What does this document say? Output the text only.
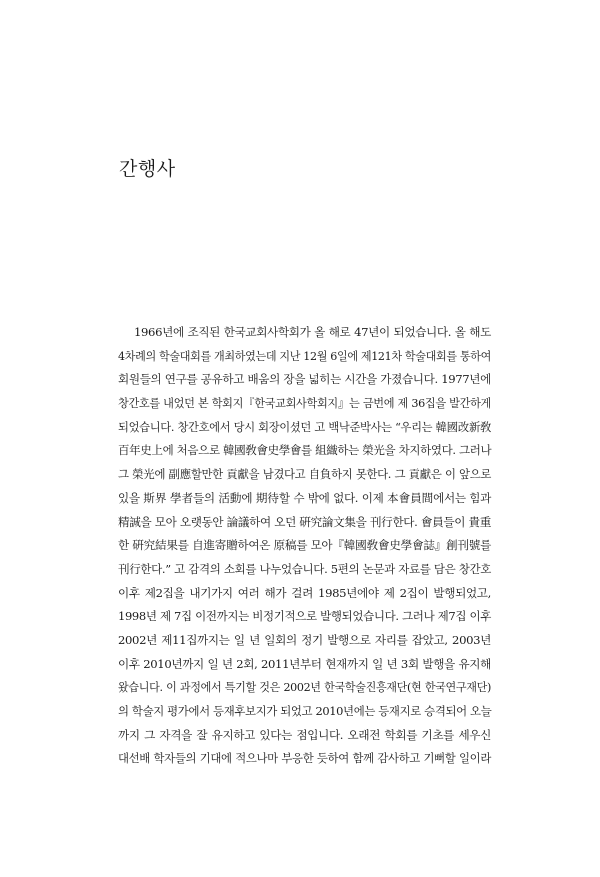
간행사
1966년에 조직된 한국교회사학회가 올 해로 47년이 되었습니다. 올 해도
4차례의 학술대회를 개최하였는데 지난 12월 6일에 제121차 학술대회를 통하여
회원들의 연구를 공유하고 배움의 장을 넓히는 시간을 가졌습니다. 1977년에
창간호를 내었던 본 학회지『한국교회사학회지』는 금번에 제 36집을 발간하게
되었습니다. 창간호에서 당시 회장이셨던 고 백낙준박사는 “우리는 韓國改新敎
百年史上에 처음으로 韓國敎會史學會를 組織하는 榮光을 차지하였다. 그러나
그 榮光에 副應할만한 貢獻을 남겼다고 自負하지 못한다. 그 貢獻은 이 앞으로
있을 斯界 學者들의 活動에 期待할 수 밖에 없다. 이제 本會員間에서는 힘과
精誠을 모아 오랫동안 論議하여 오던 硏究論文集을 刊行한다. 會員들이 貴重
한 硏究結果를 自進寄贈하여온 原稿를 모아『韓國敎會史學會誌』創刊號를
刊行한다.” 고 감격의 소회를 나누었습니다. 5편의 논문과 자료를 담은 창간호
이후 제2집을 내기가지 여러 해가 걸려 1985년에야 제 2집이 발행되었고,
1998년 제 7집 이전까지는 비정기적으로 발행되었습니다. 그러나 제7집 이후
2002년 제11집까지는 일 년 일회의 정기 발행으로 자리를 잡았고, 2003년
이후 2010년까지 일 년 2회, 2011년부터 현재까지 일 년 3회 발행을 유지해
왔습니다. 이 과정에서 특기할 것은 2002년 한국학술진흥재단(현 한국연구재단)
의 학술지 평가에서 등재후보지가 되었고 2010년에는 등재지로 승격되어 오늘
까지 그 자격을 잘 유지하고 있다는 점입니다. 오래전 학회를 기초를 세우신
대선배 학자들의 기대에 적으나마 부응한 듯하여 함께 감사하고 기뻐할 일이라
